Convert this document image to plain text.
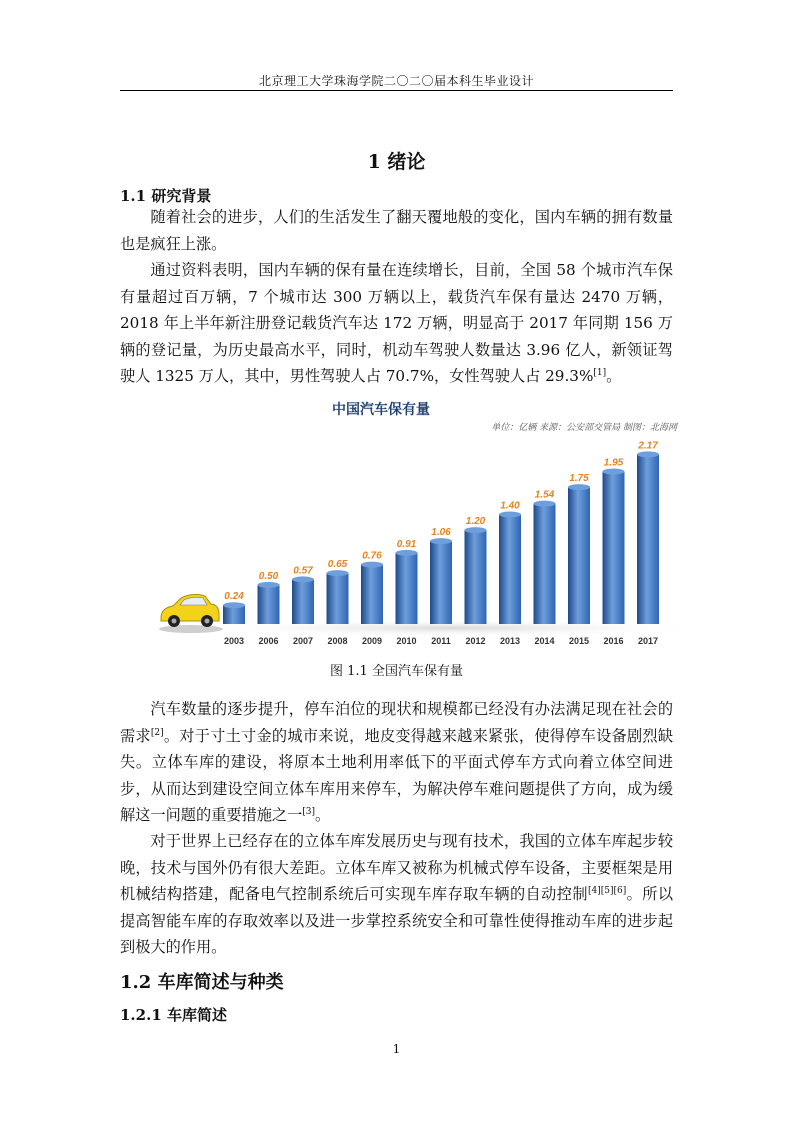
北京理工大学珠海学院二〇二〇届本科生毕业设计
1 绪论
1.1 研究背景

随着社会的进步，人们的生活发生了翻天覆地般的变化，国内车辆的拥有数量也是疯狂上涨。

通过资料表明，国内车辆的保有量在连续增长，目前，全国 58 个城市汽车保有量超过百万辆，7 个城市达 300 万辆以上，载货汽车保有量达 2470 万辆，2018 年上半年新注册登记载货汽车达 172 万辆，明显高于 2017 年同期 156 万辆的登记量，为历史最高水平，同时，机动车驾驶人数量达 3.96 亿人，新领证驾驶人 1325 万人，其中，男性驾驶人占 70.7%，女性驾驶人占 29.3%[1]。

中国汽车保有量
单位：亿辆 来源：公安部交管局 制图：北海网
0.24
2003
0.50
2006
0.57
2007
0.65
2008
0.76
2009
0.91
2010
1.06
2011
1.20
2012
1.40
2013
1.54
2014
1.75
2015
1.95
2016
2.17
2017
图 1.1 全国汽车保有量

汽车数量的逐步提升，停车泊位的现状和规模都已经没有办法满足现在社会的需求[2]。对于寸土寸金的城市来说，地皮变得越来越来紧张，使得停车设备剧烈缺失。立体车库的建设，将原本土地利用率低下的平面式停车方式向着立体空间进步，从而达到建设空间立体车库用来停车，为解决停车难问题提供了方向，成为缓解这一问题的重要措施之一[3]。

对于世界上已经存在的立体车库发展历史与现有技术，我国的立体车库起步较晚，技术与国外仍有很大差距。立体车库又被称为机械式停车设备，主要框架是用机械结构搭建，配备电气控制系统后可实现车库存取车辆的自动控制[4][5][6]。所以提高智能车库的存取效率以及进一步掌控系统安全和可靠性使得推动车库的进步起到极大的作用。

1.2 车库简述与种类
1.2.1 车库简述
1
